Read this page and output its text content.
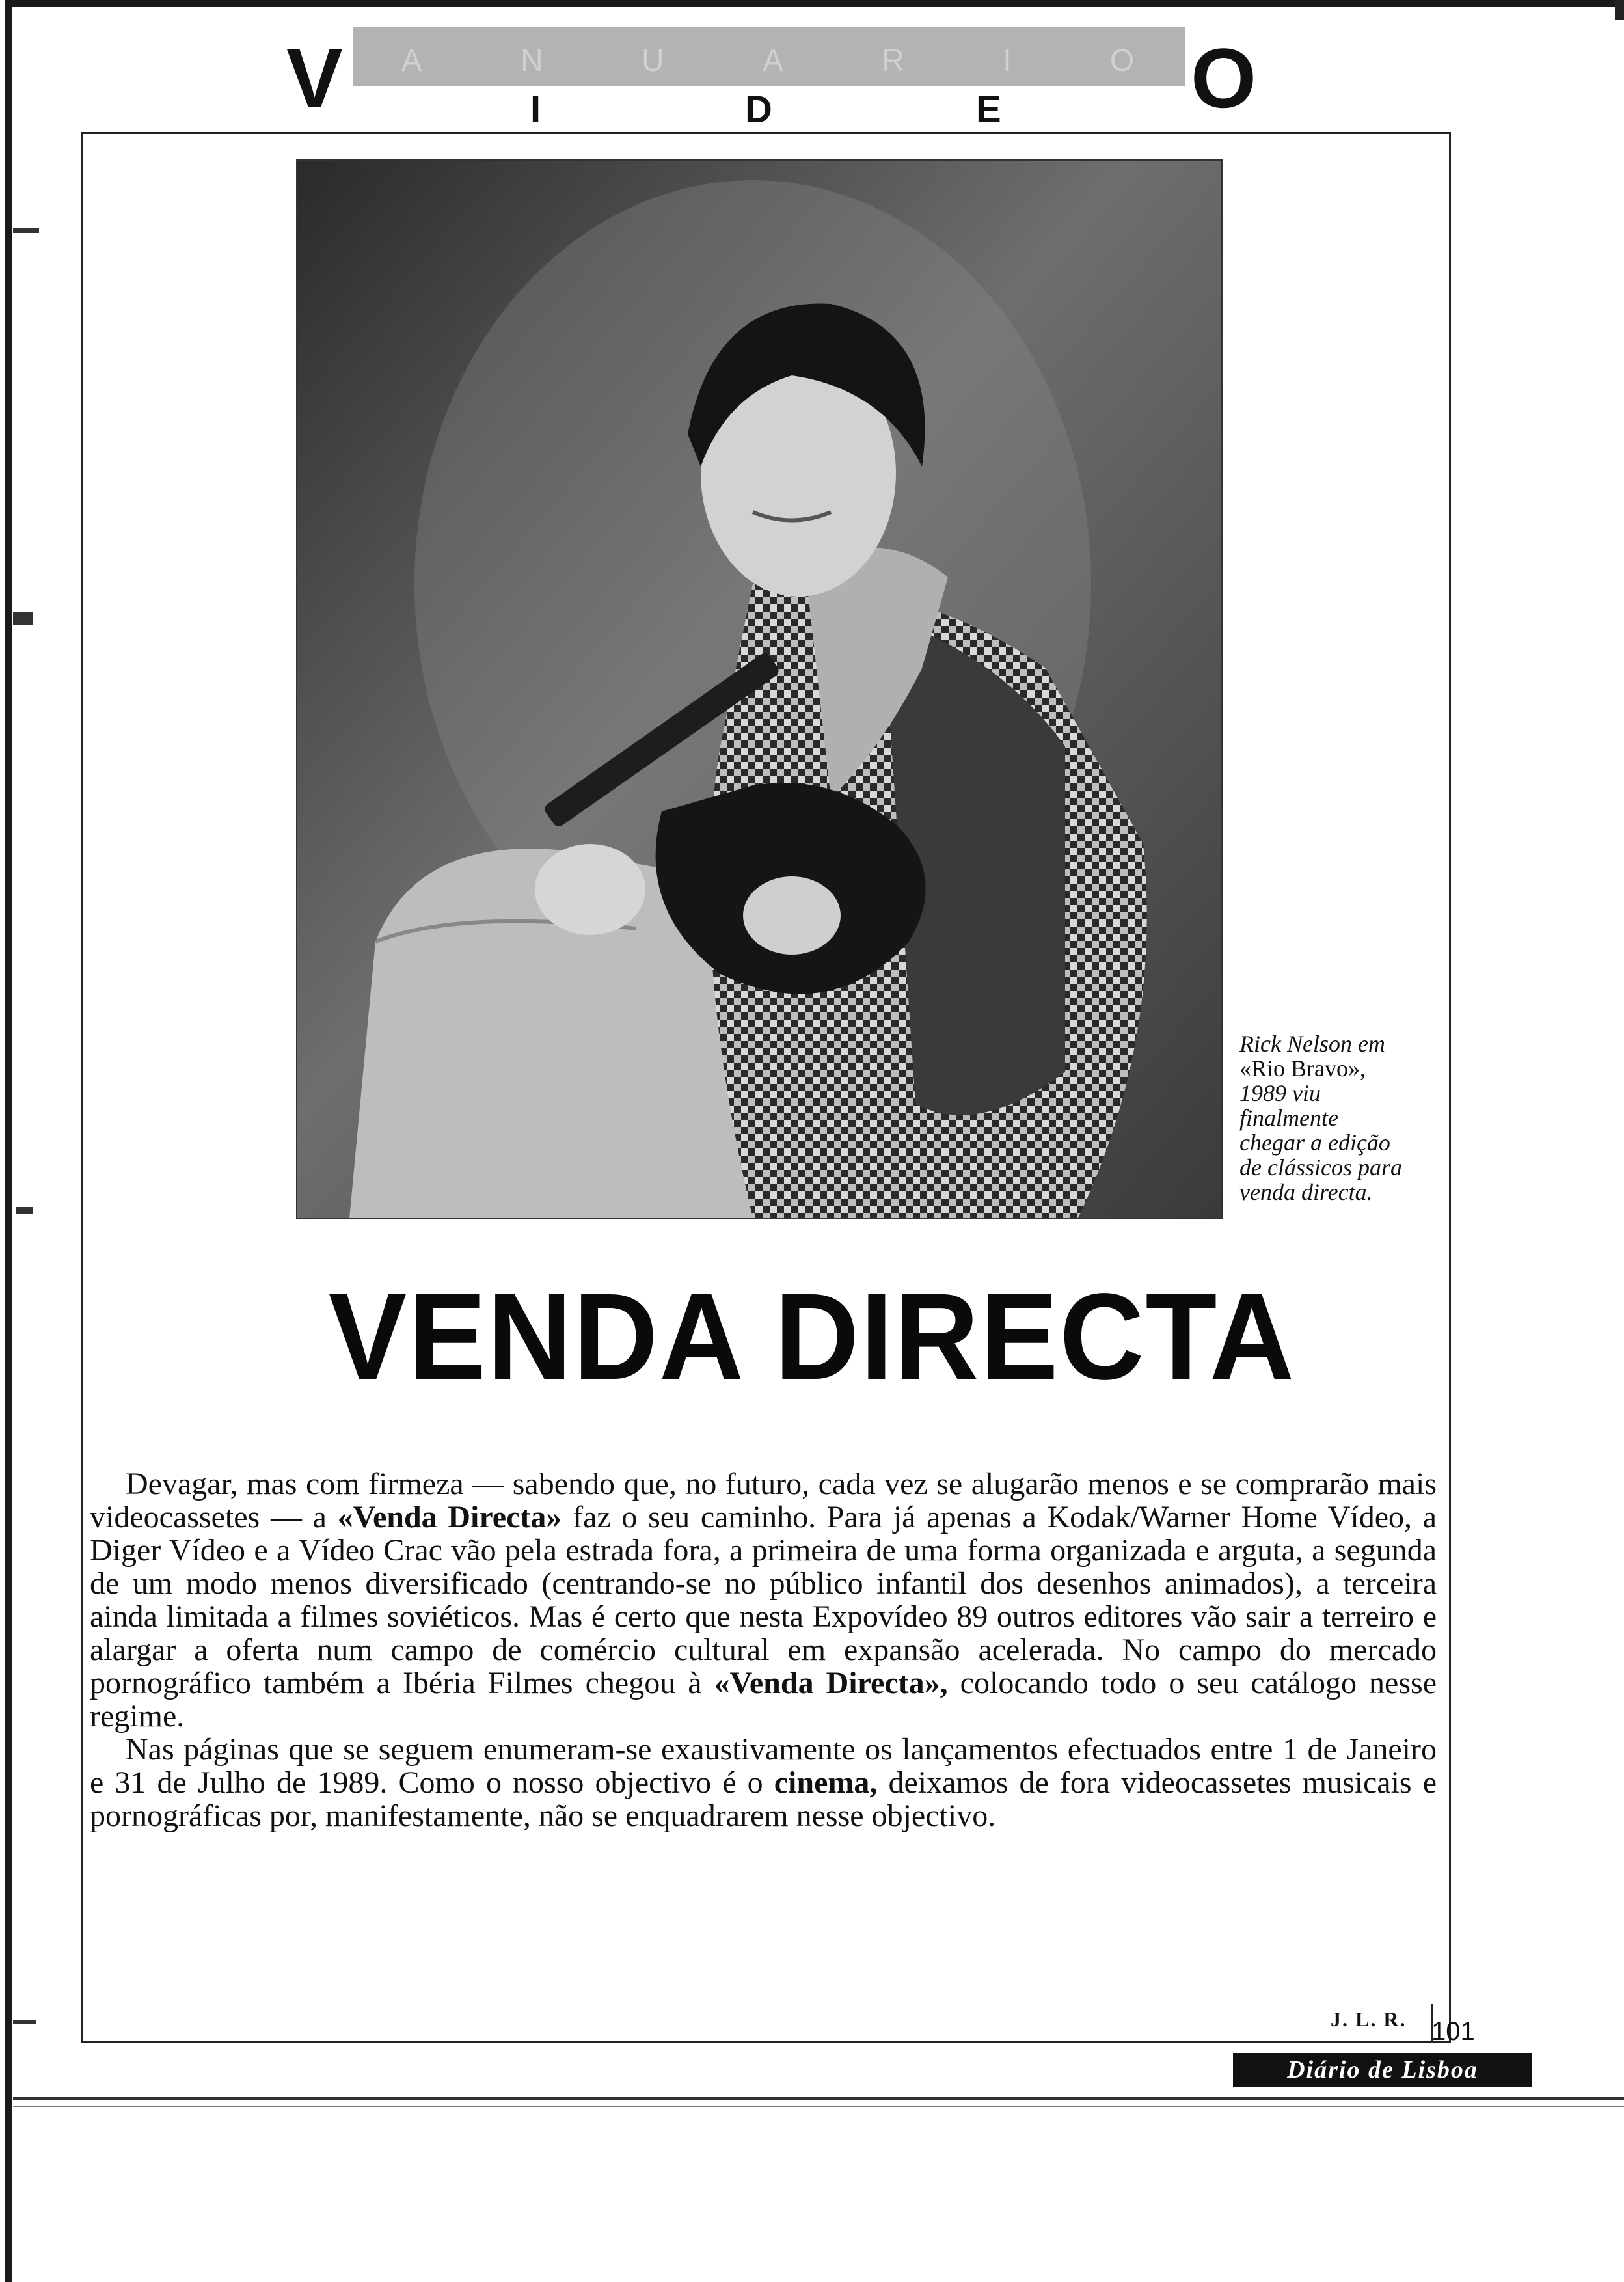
A	N	U	A	R	I	O
V	I	D	E O
Rick Nelson em
«Rio Bravo»,
1989 viu
finalmente
chegar a edição
de clássicos para
venda directa.
VENDA DIRECTA

Devagar, mas com firmeza — sabendo que, no futuro, cada vez se alugarão menos e se comprarão mais videocassetes — a «Venda Directa» faz o seu caminho. Para já apenas a Kodak/Warner Home Vídeo, a Diger Vídeo e a Vídeo Crac vão pela estrada fora, a primeira de uma forma organizada e arguta, a segunda de um modo menos diversificado (centrando-se no público infantil dos desenhos animados), a terceira ainda limitada a filmes soviéticos. Mas é certo que nesta Expovídeo 89 outros editores vão sair a terreiro e alargar a oferta num campo de comércio cultural em expansão acelerada. No campo do mercado pornográfico também a Ibéria Filmes chegou à «Venda Directa», colocando todo o seu catálogo nesse regime.

Nas páginas que se seguem enumeram-se exaustivamente os lançamentos efectuados entre 1 de Janeiro e 31 de Julho de 1989. Como o nosso objectivo é o cinema, deixamos de fora videocassetes musicais e pornográficas por, manifestamente, não se enquadrarem nesse objectivo.

J. L. R. 101
Diário de Lisboa
